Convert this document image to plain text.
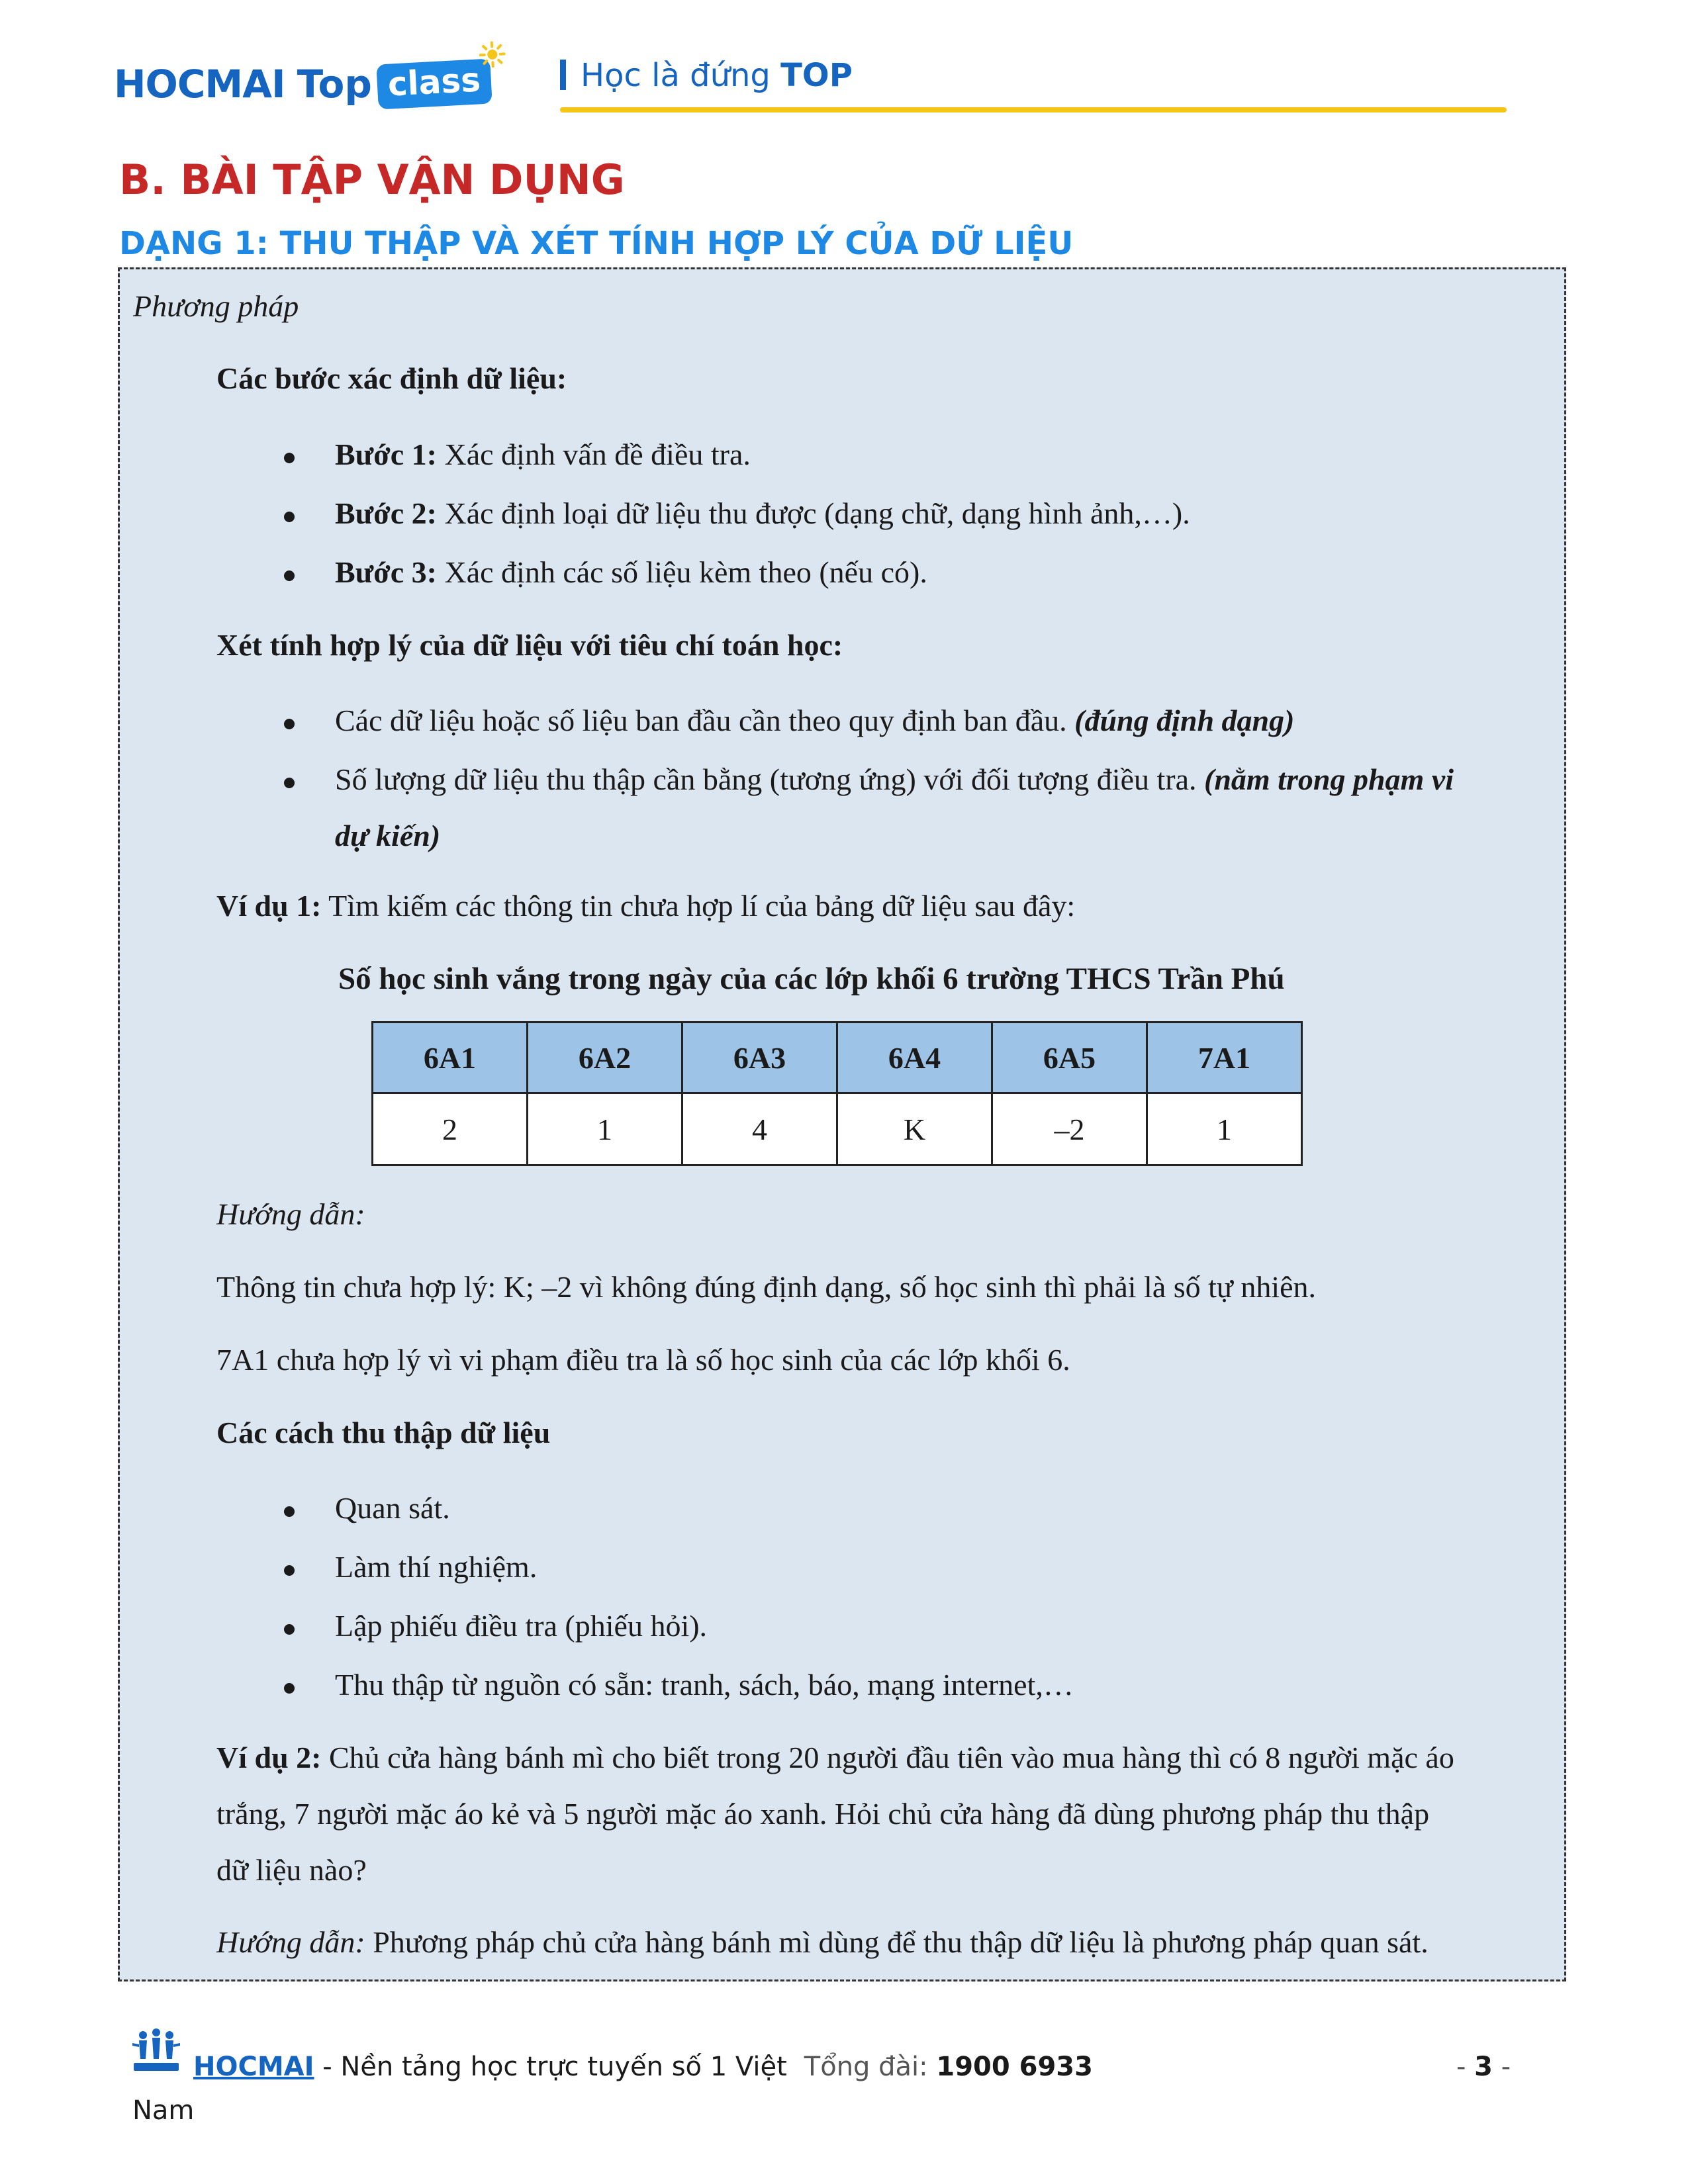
HOCMAI Top class	Học là đứng TOP
B. BÀI TẬP VẬN DỤNG
DẠNG 1: THU THẬP VÀ XÉT TÍNH HỢP LÝ CỦA DỮ LIỆU
Phương pháp
Các bước xác định dữ liệu:
Bước 1: Xác định vấn đề điều tra.
Bước 2: Xác định loại dữ liệu thu được (dạng chữ, dạng hình ảnh,…).
Bước 3: Xác định các số liệu kèm theo (nếu có).
Xét tính hợp lý của dữ liệu với tiêu chí toán học:
Các dữ liệu hoặc số liệu ban đầu cần theo quy định ban đầu. (đúng định dạng)
Số lượng dữ liệu thu thập cần bằng (tương ứng) với đối tượng điều tra. (nằm trong phạm vi
dự kiến)
Ví dụ 1: Tìm kiếm các thông tin chưa hợp lí của bảng dữ liệu sau đây:
Số học sinh vắng trong ngày của các lớp khối 6 trường THCS Trần Phú
Hướng dẫn:
Thông tin chưa hợp lý: K; –2 vì không đúng định dạng, số học sinh thì phải là số tự nhiên.
7A1 chưa hợp lý vì vi phạm điều tra là số học sinh của các lớp khối 6.
Các cách thu thập dữ liệu
Quan sát.
Làm thí nghiệm.
Lập phiếu điều tra (phiếu hỏi).
Thu thập từ nguồn có sẵn: tranh, sách, báo, mạng internet,…
Ví dụ 2: Chủ cửa hàng bánh mì cho biết trong 20 người đầu tiên vào mua hàng thì có 8 người mặc áo
trắng, 7 người mặc áo kẻ và 5 người mặc áo xanh. Hỏi chủ cửa hàng đã dùng phương pháp thu thập
dữ liệu nào?
Hướng dẫn: Phương pháp chủ cửa hàng bánh mì dùng để thu thập dữ liệu là phương pháp quan sát.
6A1	6A2	6A3	6A4	6A5	7A1
2	1	4	K	–2	1
HOCMAI - Nền tảng học trực tuyến số 1 Việt Tổng đài: 1900 6933	- 3 -
Nam
